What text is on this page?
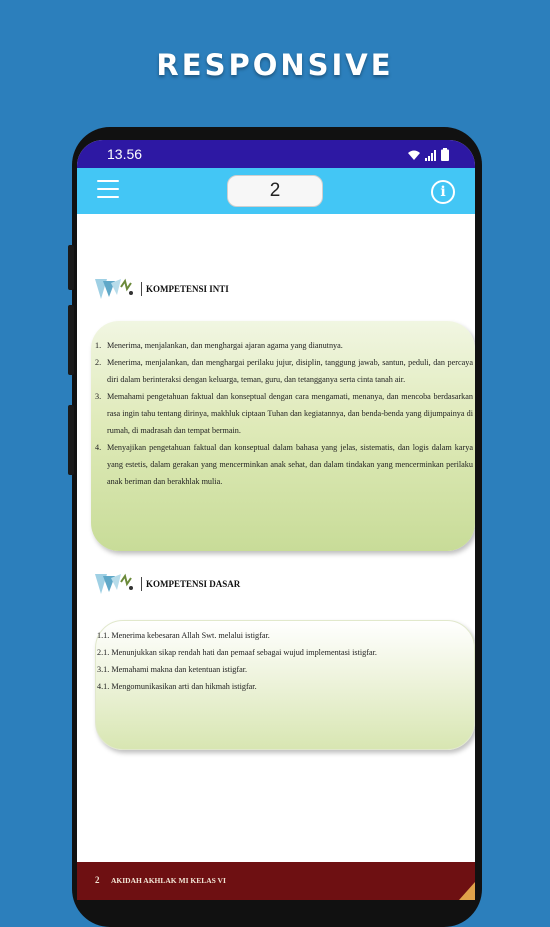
RESPONSIVE
13.56
2
i
KOMPETENSI INTI
1. Menerima, menjalankan, dan menghargai ajaran agama yang dianutnya.
2. Menerima, menjalankan, dan menghargai perilaku jujur, disiplin, tanggung jawab, santun, peduli, dan percaya diri dalam berinteraksi dengan keluarga, teman, guru, dan tetangganya serta cinta tanah air.
3. Memahami pengetahuan faktual dan konseptual dengan cara mengamati, menanya, dan mencoba berdasarkan rasa ingin tahu tentang dirinya, makhluk ciptaan Tuhan dan kegiatannya, dan benda-benda yang dijumpainya di rumah, di madrasah dan tempat bermain.
4. Menyajikan pengetahuan faktual dan konseptual dalam bahasa yang jelas, sistematis, dan logis dalam karya yang estetis, dalam gerakan yang mencerminkan anak sehat, dan dalam tindakan yang mencerminkan perilaku anak beriman dan berakhlak mulia.
KOMPETENSI DASAR
1.1. Menerima kebesaran Allah Swt. melalui istigfar.
2.1. Menunjukkan sikap rendah hati dan pemaaf sebagai wujud implementasi istigfar.
3.1. Memahami makna dan ketentuan istigfar.
4.1. Mengomunikasikan arti dan hikmah istigfar.
2 AKIDAH AKHLAK MI KELAS VI
